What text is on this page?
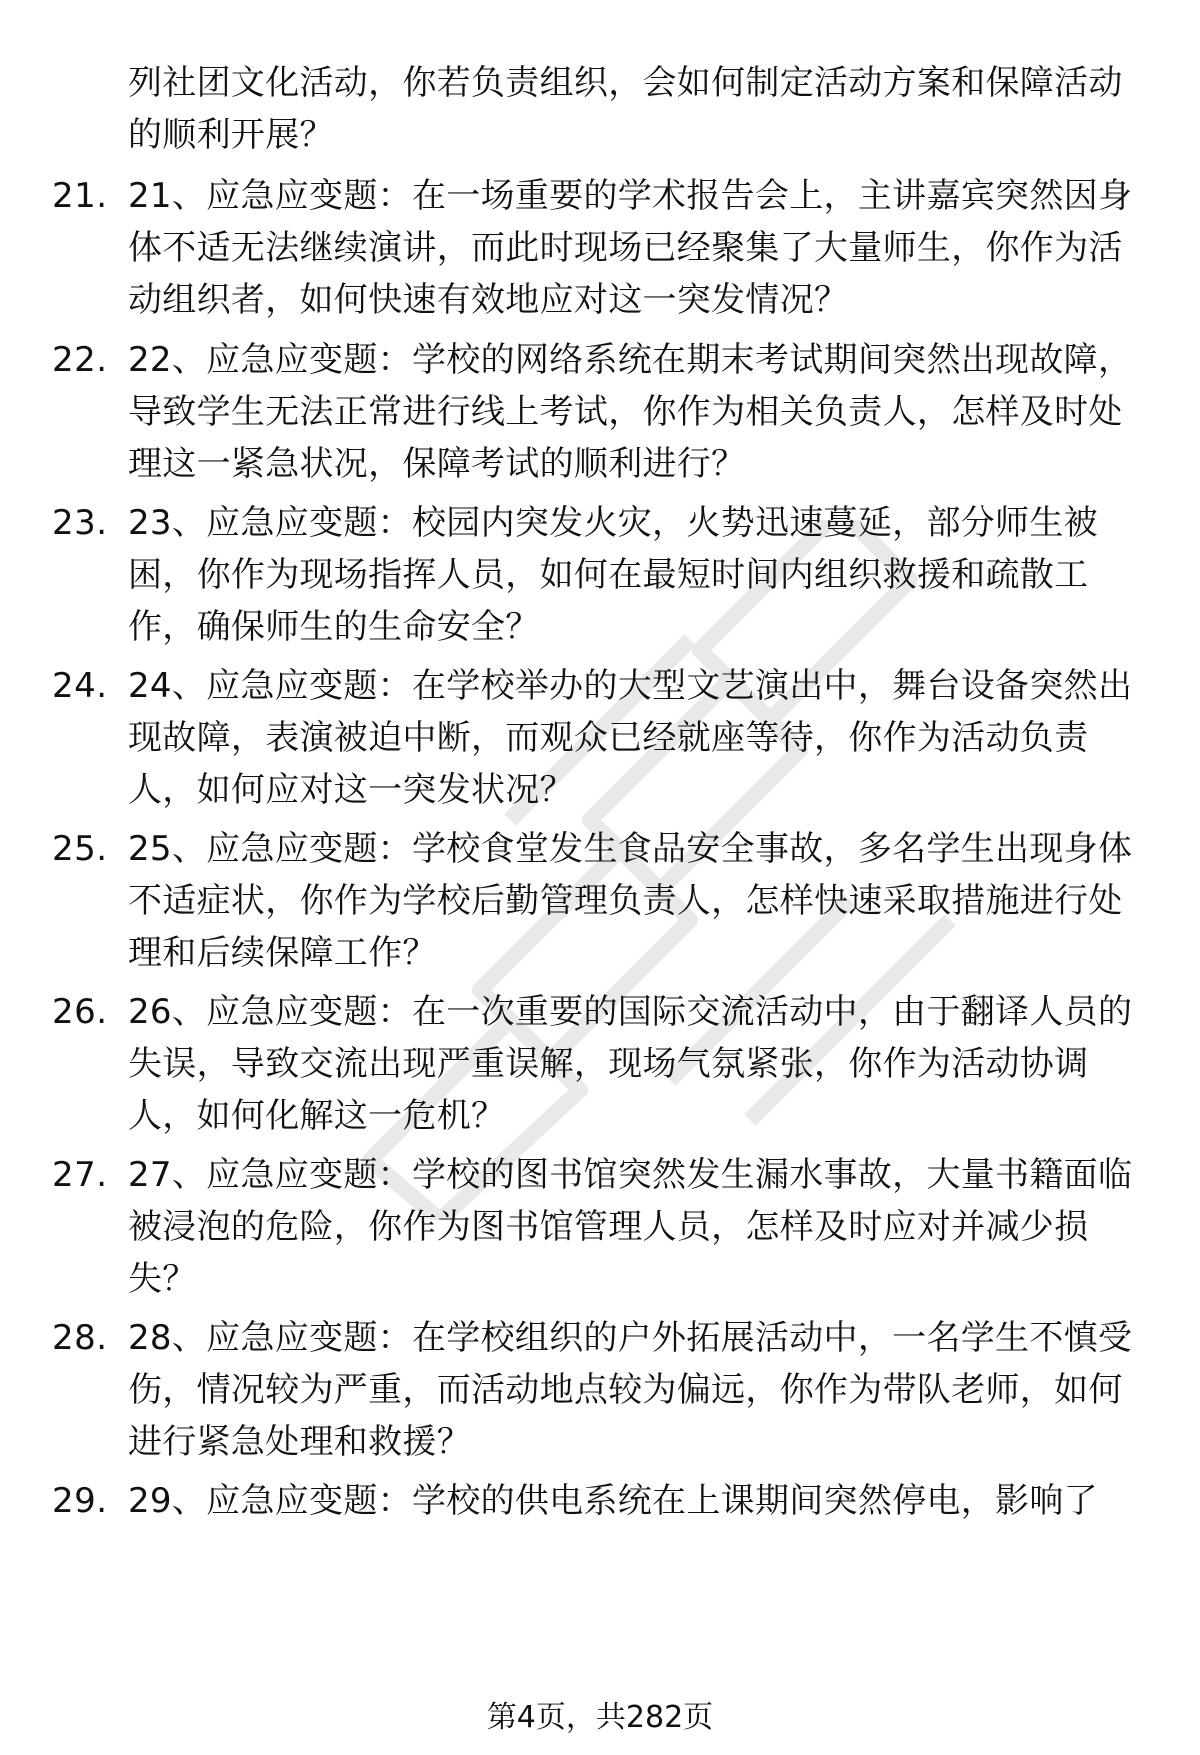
列社团文化活动，你若负责组织，会如何制定活动方案和保障活动的顺利开展？
21. 21、应急应变题：在一场重要的学术报告会上，主讲嘉宾突然因身体不适无法继续演讲，而此时现场已经聚集了大量师生，你作为活动组织者，如何快速有效地应对这一突发情况？
22. 22、应急应变题：学校的网络系统在期末考试期间突然出现故障，导致学生无法正常进行线上考试，你作为相关负责人，怎样及时处理这一紧急状况，保障考试的顺利进行？
23. 23、应急应变题：校园内突发火灾，火势迅速蔓延，部分师生被困，你作为现场指挥人员，如何在最短时间内组织救援和疏散工作，确保师生的生命安全？
24. 24、应急应变题：在学校举办的大型文艺演出中，舞台设备突然出现故障，表演被迫中断，而观众已经就座等待，你作为活动负责人，如何应对这一突发状况？
25. 25、应急应变题：学校食堂发生食品安全事故，多名学生出现身体不适症状，你作为学校后勤管理负责人，怎样快速采取措施进行处理和后续保障工作？
26. 26、应急应变题：在一次重要的国际交流活动中，由于翻译人员的失误，导致交流出现严重误解，现场气氛紧张，你作为活动协调人，如何化解这一危机？
27. 27、应急应变题：学校的图书馆突然发生漏水事故，大量书籍面临被浸泡的危险，你作为图书馆管理人员，怎样及时应对并减少损失？
28. 28、应急应变题：在学校组织的户外拓展活动中，一名学生不慎受伤，情况较为严重，而活动地点较为偏远，你作为带队老师，如何进行紧急处理和救援？
29. 29、应急应变题：学校的供电系统在上课期间突然停电，影响了
第4页，共282页
